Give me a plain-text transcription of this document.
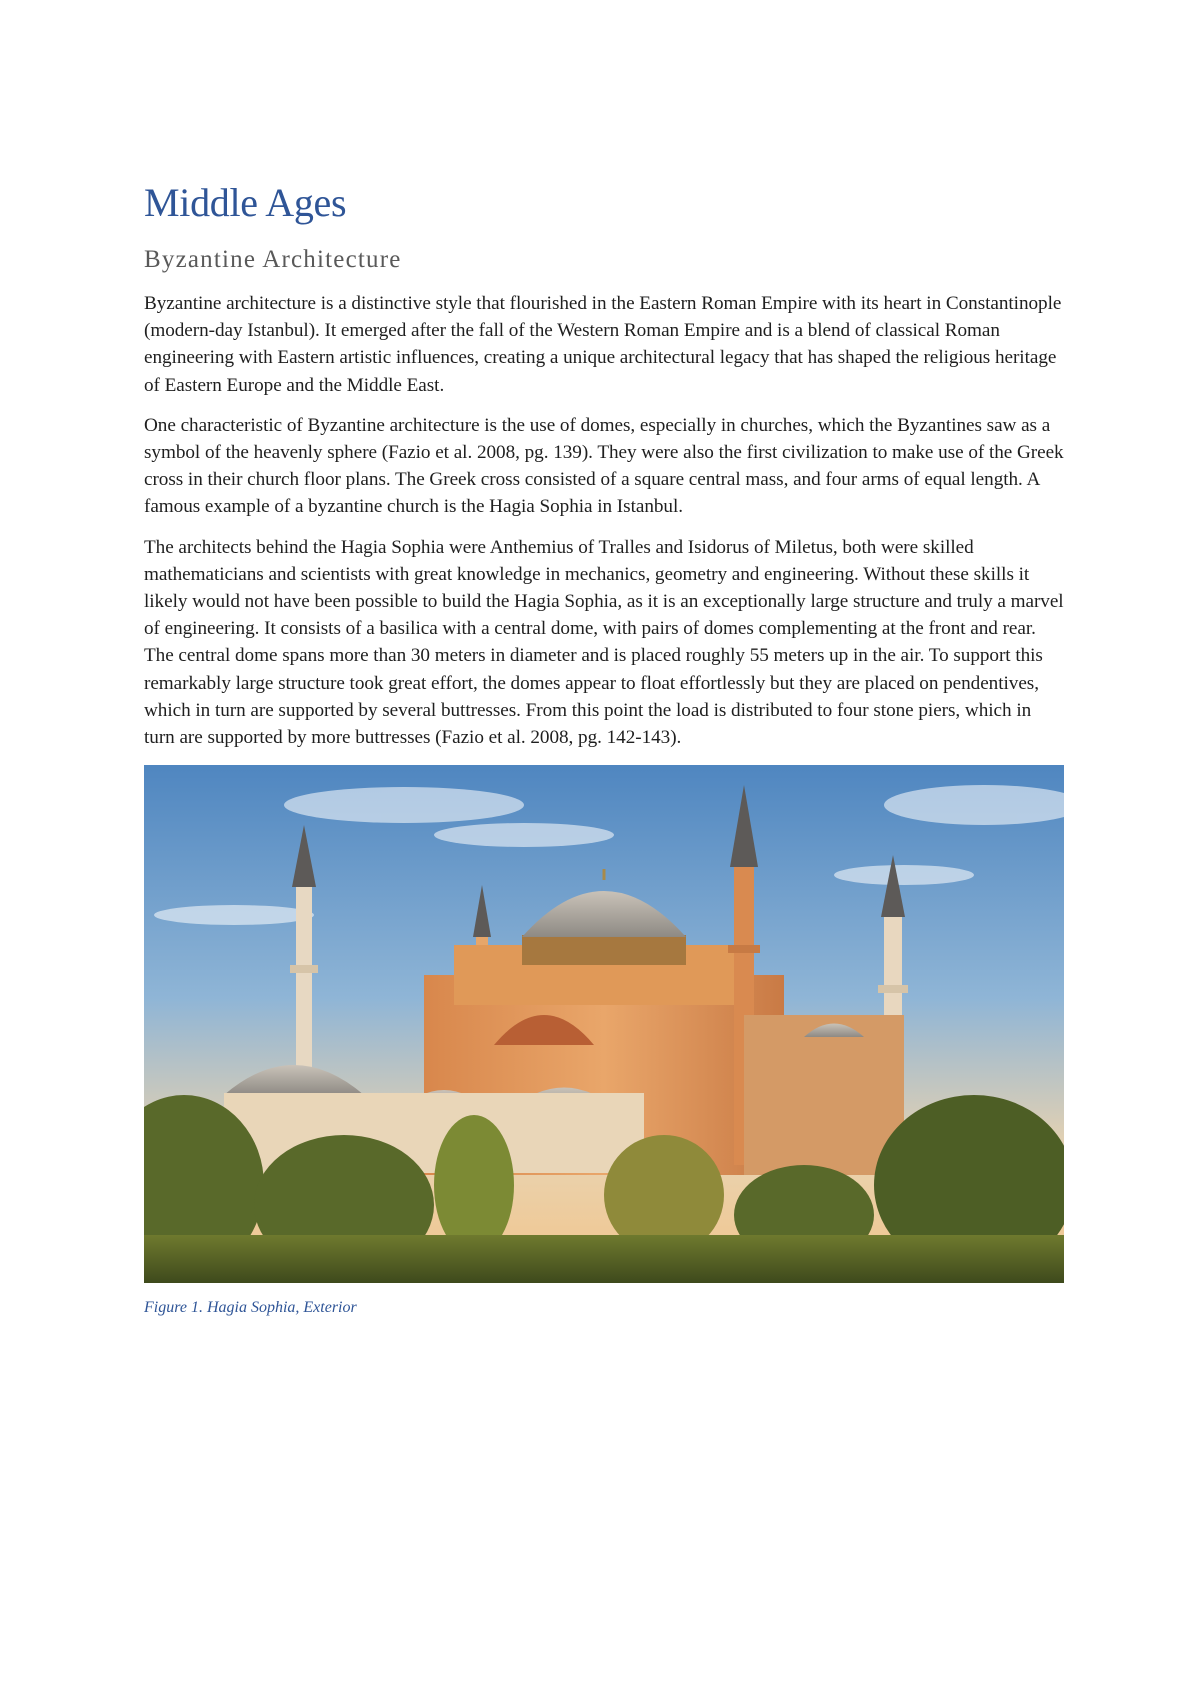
Middle Ages
Byzantine Architecture

Byzantine architecture is a distinctive style that flourished in the Eastern Roman Empire with its heart in Constantinople (modern-day Istanbul). It emerged after the fall of the Western Roman Empire and is a blend of classical Roman engineering with Eastern artistic influences, creating a unique architectural legacy that has shaped the religious heritage of Eastern Europe and the Middle East.

One characteristic of Byzantine architecture is the use of domes, especially in churches, which the Byzantines saw as a symbol of the heavenly sphere (Fazio et al. 2008, pg. 139). They were also the first civilization to make use of the Greek cross in their church floor plans. The Greek cross consisted of a square central mass, and four arms of equal length. A famous example of a byzantine church is the Hagia Sophia in Istanbul.

The architects behind the Hagia Sophia were Anthemius of Tralles and Isidorus of Miletus, both were skilled mathematicians and scientists with great knowledge in mechanics, geometry and engineering. Without these skills it likely would not have been possible to build the Hagia Sophia, as it is an exceptionally large structure and truly a marvel of engineering. It consists of a basilica with a central dome, with pairs of domes complementing at the front and rear. The central dome spans more than 30 meters in diameter and is placed roughly 55 meters up in the air. To support this remarkably large structure took great effort, the domes appear to float effortlessly but they are placed on pendentives, which in turn are supported by several buttresses. From this point the load is distributed to four stone piers, which in turn are supported by more buttresses (Fazio et al. 2008, pg. 142-143).

Figure 1. Hagia Sophia, Exterior
